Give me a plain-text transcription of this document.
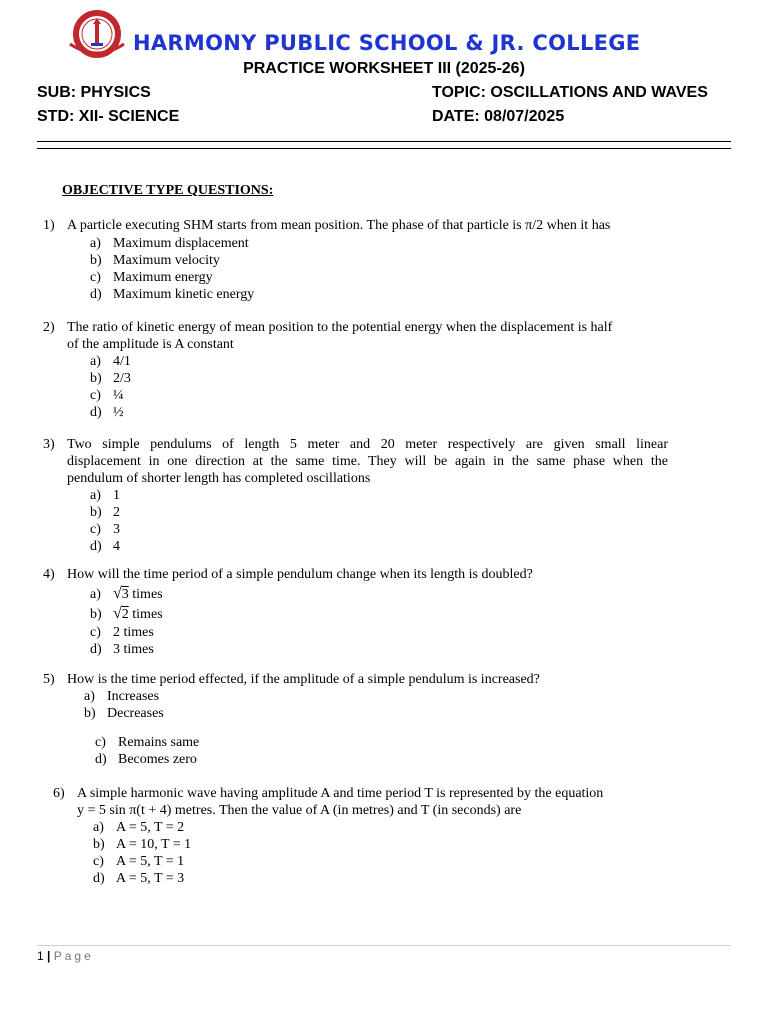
HARMONY PUBLIC SCHOOL & JR. COLLEGE
PRACTICE WORKSHEET III (2025-26)
SUB: PHYSICS	TOPIC: OSCILLATIONS AND WAVES
STD: XII- SCIENCE	DATE: 08/07/2025
OBJECTIVE TYPE QUESTIONS:
1) A particle executing SHM starts from mean position. The phase of that particle is π/2 when it has
a) Maximum displacement
b) Maximum velocity
c) Maximum energy
d) Maximum kinetic energy
2) The ratio of kinetic energy of mean position to the potential energy when the displacement is half
of the amplitude is A constant
a) 4/1
b) 2/3
c) ¼
d) ½
3) Two simple pendulums of length 5 meter and 20 meter respectively are given small linear
displacement in one direction at the same time. They will be again in the same phase when the
pendulum of shorter length has completed oscillations
a) 1
b) 2
c) 3
d) 4
4) How will the time period of a simple pendulum change when its length is doubled?
a) √3 times
b) √2 times
c) 2 times
d) 3 times
5) How is the time period effected, if the amplitude of a simple pendulum is increased?
a) Increases
b) Decreases
c) Remains same
d) Becomes zero
6) A simple harmonic wave having amplitude A and time period T is represented by the equation
y = 5 sin π(t + 4) metres. Then the value of A (in metres) and T (in seconds) are
a) A = 5, T = 2
b) A = 10, T = 1
c) A = 5, T = 1
d) A = 5, T = 3
1 | Page
